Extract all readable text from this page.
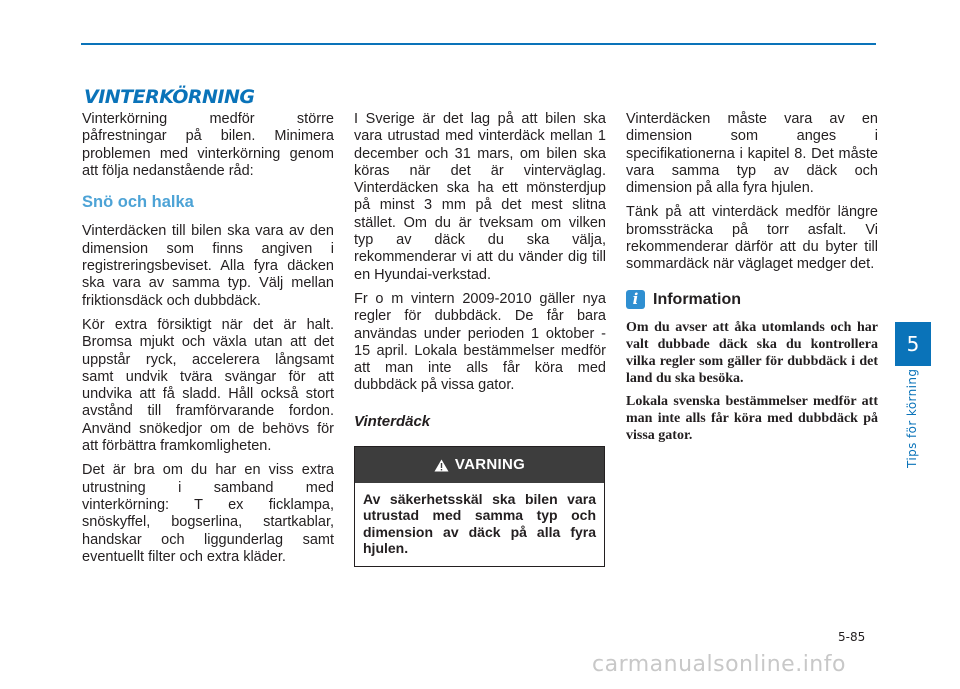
VINTERKÖRNING

Vinterkörning medför större påfrestningar på bilen. Minimera problemen med vinterkörning genom att följa nedanstående råd:

Snö och halka

Vinterdäcken till bilen ska vara av den dimension som finns angiven i registreringsbeviset. Alla fyra däcken ska vara av samma typ. Välj mellan friktionsdäck och dubbdäck.

Kör extra försiktigt när det är halt. Bromsa mjukt och växla utan att det uppstår ryck, accelerera långsamt samt undvik tvära svängar för att undvika att få sladd. Håll också stort avstånd till framförvarande fordon. Använd snökedjor om de behövs för att förbättra framkomligheten.

Det är bra om du har en viss extra utrustning i samband med vinterkörning: T ex ficklampa, snöskyffel, bogserlina, startkablar, handskar och liggunderlag samt eventuellt filter och extra kläder.

I Sverige är det lag på att bilen ska vara utrustad med vinterdäck mellan 1 december och 31 mars, om bilen ska köras när det är vinterväglag. Vinterdäcken ska ha ett mönsterdjup på minst 3 mm på det mest slitna stället. Om du är tveksam om vilken typ av däck du ska välja, rekommenderar vi att du vänder dig till en Hyundai-verkstad.

Fr o m vintern 2009-2010 gäller nya regler för dubbdäck. De får bara användas under perioden 1 oktober - 15 april. Lokala bestämmelser medför att man inte alls får köra med dubbdäck på vissa gator.

Vinterdäck
VARNING
Av säkerhetsskäl ska bilen vara utrustad med samma typ och dimension av däck på alla fyra hjulen.

Vinterdäcken måste vara av en dimension som anges i specifikationerna i kapitel 8. Det måste vara samma typ av däck och dimension på alla fyra hjulen.

Tänk på att vinterdäck medför längre bromssträcka på torr asfalt. Vi rekommenderar därför att du byter till sommardäck när väglaget medger det.

i Information

Om du avser att åka utomlands och har valt dubbade däck ska du kontrollera vilka regler som gäller för dubbdäck i det land du ska besöka.

Lokala svenska bestämmelser medför att man inte alls får köra med dubbdäck på vissa gator.

5
Tips för körning
5-85
carmanualsonline.info
